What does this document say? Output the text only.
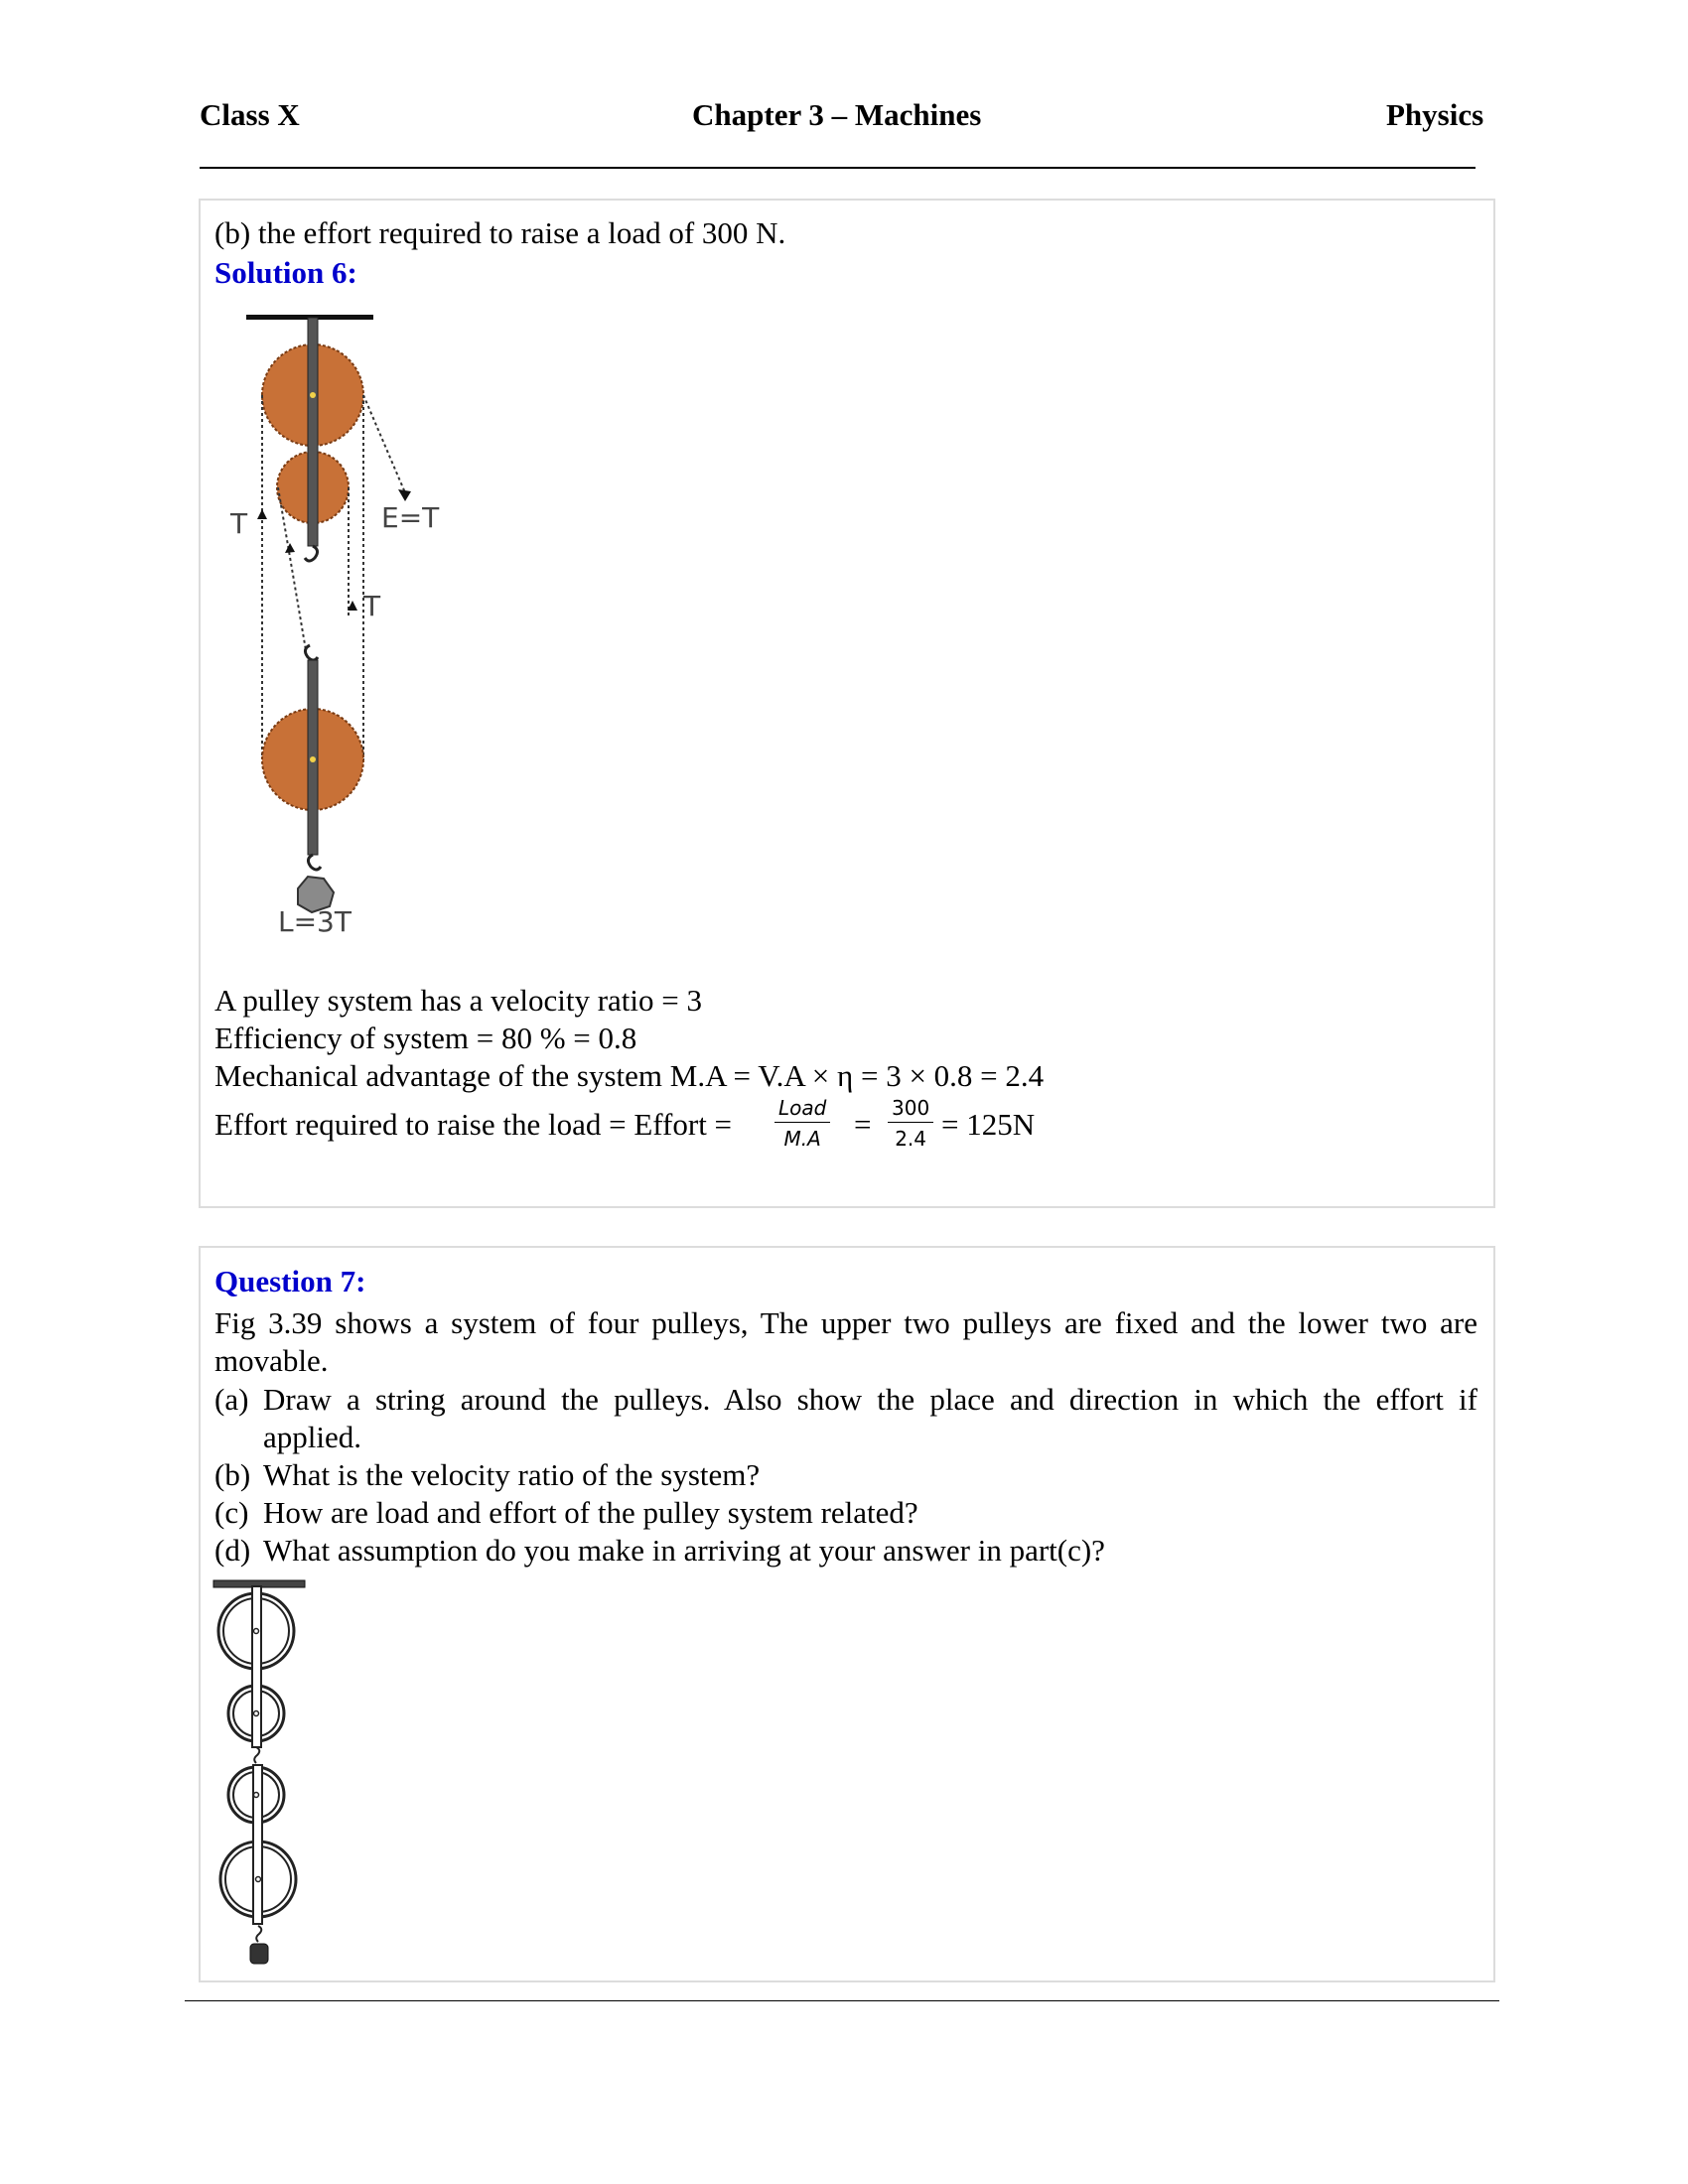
Class X	Chapter 3 – Machines	Physics
(b) the effort required to raise a load of 300 N.
Solution 6:
T	E=T
T
L=3T
A pulley system has a velocity ratio = 3
Efficiency of system = 80 % = 0.8
Mechanical advantage of the system M.A = V.A × η = 3 × 0.8 = 2.4
Effort required to raise the load = Effort = Load
M.A	= $\frac{300}{2.4} = 125N$
Question 7:
Fig 3.39 shows a system of four pulleys, The upper two pulleys are fixed and the lower two are
movable.
(a) Draw a string around the pulleys. Also show the place and direction in which the effort if
applied.
(b) What is the velocity ratio of the system?
(c) How are load and effort of the pulley system related?
(d) What assumption do you make in arriving at your answer in part(c)?
